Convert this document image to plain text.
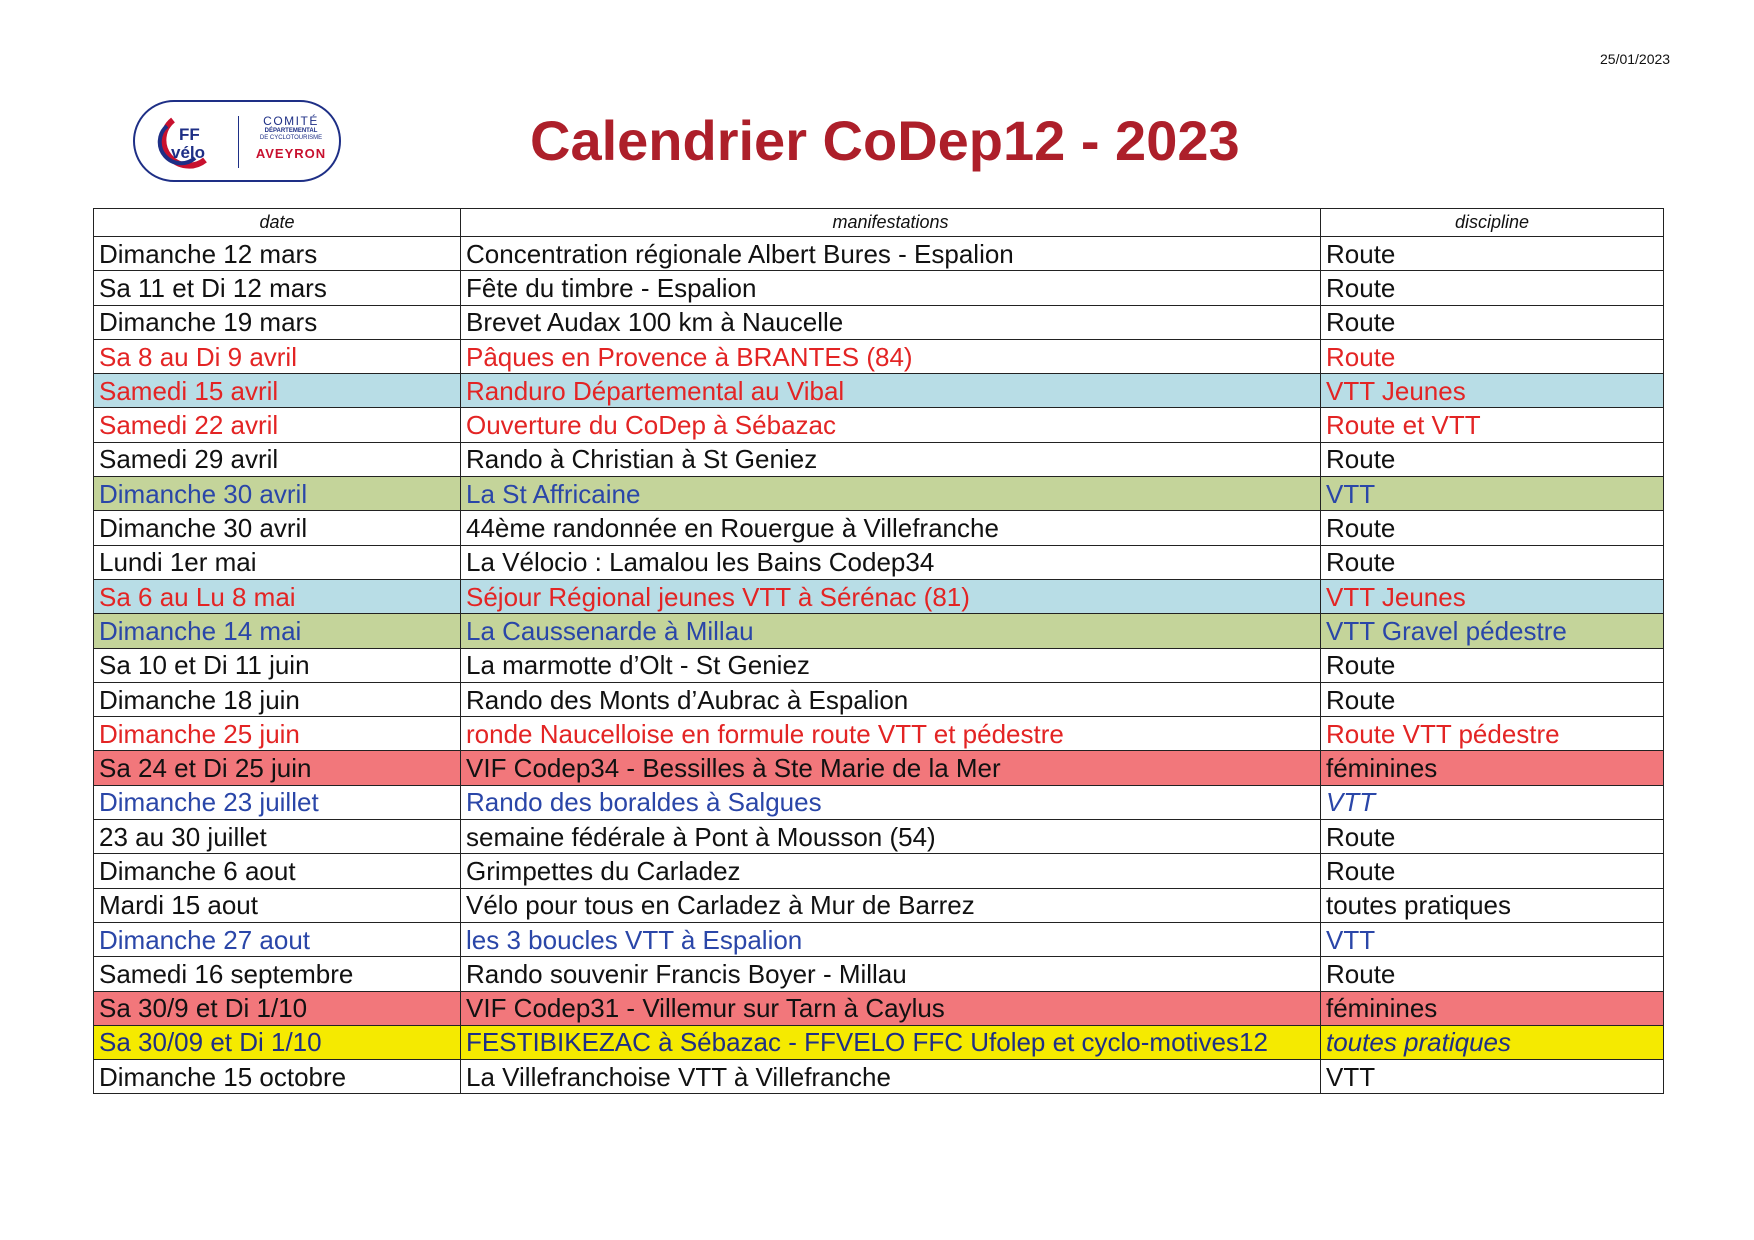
25/01/2023
FF
vélo
COMITÉ
DÉPARTEMENTAL
DE CYCLOTOURISME
AVEYRON	Calendrier CoDep12 - 2023
date	manifestations	discipline
Dimanche 12 mars	Concentration régionale Albert Bures - Espalion	Route
Sa 11 et Di 12 mars	Fête du timbre - Espalion	Route
Dimanche 19 mars	Brevet Audax 100 km à Naucelle	Route
Sa 8 au Di 9 avril	Pâques en Provence à BRANTES (84)	Route
Samedi 15 avril	Randuro Départemental au Vibal	VTT Jeunes
Samedi 22 avril	Ouverture du CoDep à Sébazac	Route et VTT
Samedi 29 avril	Rando à Christian à St Geniez	Route
Dimanche 30 avril	La St Affricaine	VTT
Dimanche 30 avril	44ème randonnée en Rouergue à Villefranche	Route
Lundi 1er mai	La Vélocio : Lamalou les Bains Codep34	Route
Sa 6 au Lu 8 mai	Séjour Régional jeunes VTT à Sérénac (81)	VTT Jeunes
Dimanche 14 mai	La Caussenarde à Millau	VTT Gravel pédestre
Sa 10 et Di 11 juin	La marmotte d’Olt - St Geniez	Route
Dimanche 18 juin	Rando des Monts d’Aubrac à Espalion	Route
Dimanche 25 juin	ronde Naucelloise en formule route VTT et pédestre	Route VTT pédestre
Sa 24 et Di 25 juin	VIF Codep34 - Bessilles à Ste Marie de la Mer	féminines
Dimanche 23 juillet	Rando des boraldes à Salgues	VTT
23 au 30 juillet	semaine fédérale à Pont à Mousson (54)	Route
Dimanche 6 aout	Grimpettes du Carladez	Route
Mardi 15 aout	Vélo pour tous en Carladez à Mur de Barrez	toutes pratiques
Dimanche 27 aout	les 3 boucles VTT à Espalion	VTT
Samedi 16 septembre	Rando souvenir Francis Boyer - Millau	Route
Sa 30/9 et Di 1/10	VIF Codep31 - Villemur sur Tarn à Caylus	féminines
Sa 30/09 et Di 1/10	FESTIBIKEZAC à Sébazac - FFVELO FFC Ufolep et cyclo-motives12	toutes pratiques
Dimanche 15 octobre	La Villefranchoise VTT à Villefranche	VTT
